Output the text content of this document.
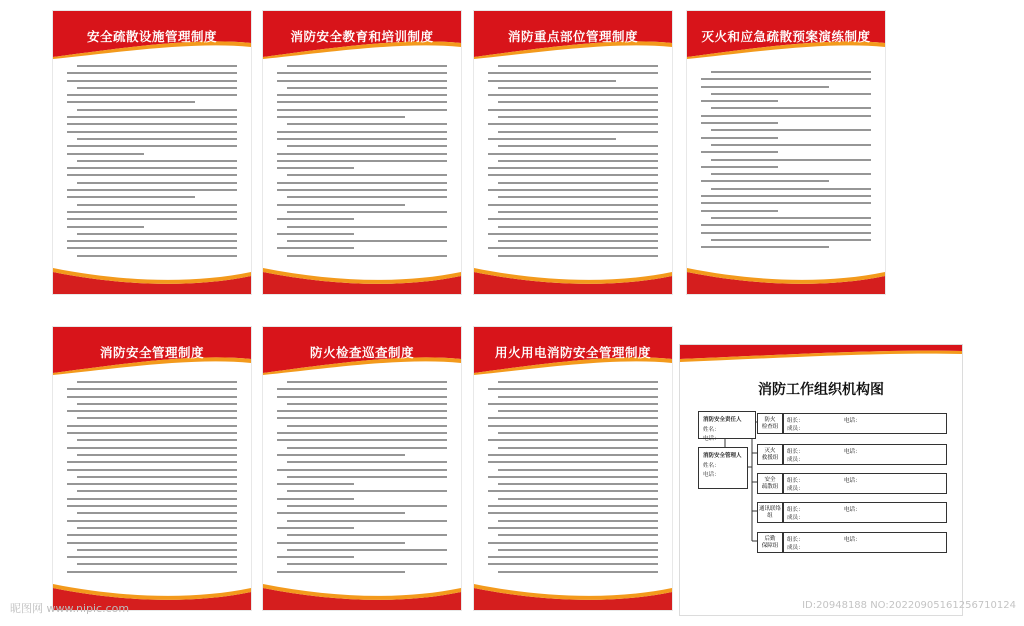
安全疏散设施管理制度	消防安全教育和培训制度	消防重点部位管理制度	灭火和应急疏散预案演练制度
消防安全管理制度	防火检查巡查制度	用火用电消防安全管理制度
消防工作组织机构图
消防安全责任人
姓名：
电话：
消防安全管理人
姓名：
电话：
防火
检查组
组长：	电话：
成员：
灭火
救援组
组长：	电话：
成员：
安全
疏散组
组长：	电话：
成员：
通讯联络组
组长：	电话：
成员：
后勤
保障组
组长：	电话：
成员：
昵图网 www.nipic.com	ID:20948188 NO:20220905161256710124
